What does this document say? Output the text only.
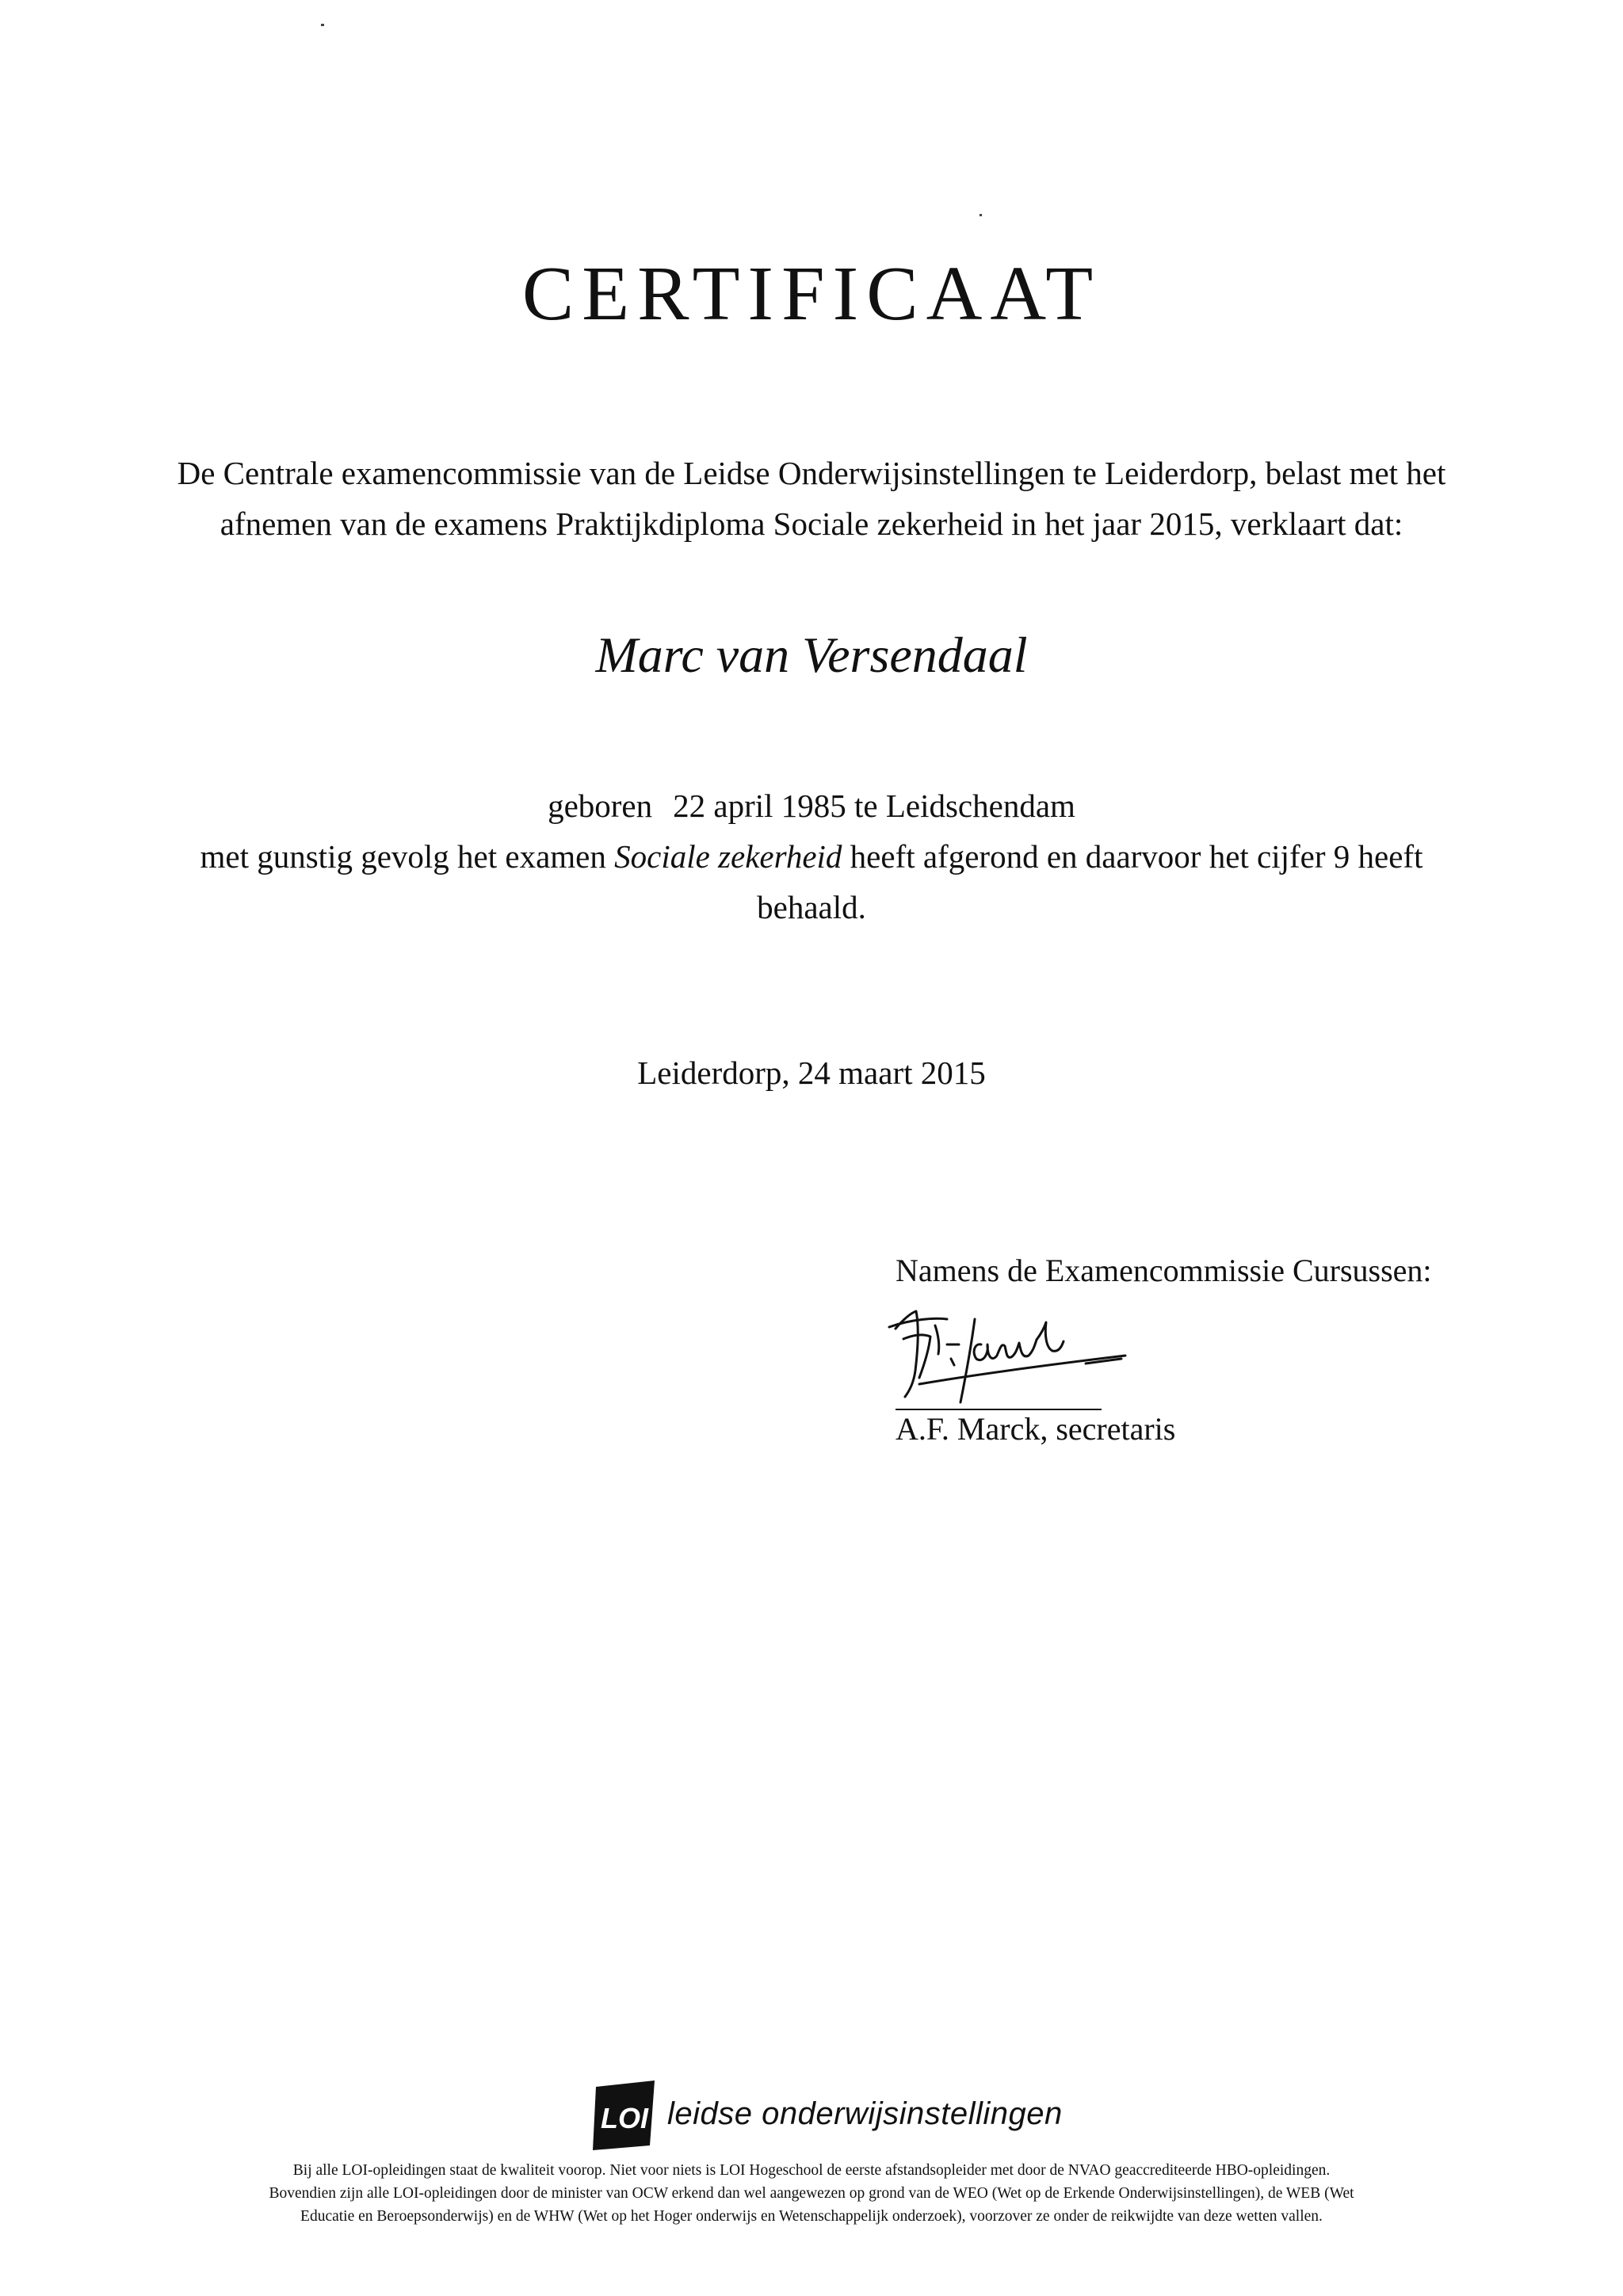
CERTIFICAAT

De Centrale examencommissie van de Leidse Onderwijsinstellingen te Leiderdorp, belast met het
afnemen van de examens Praktijkdiploma Sociale zekerheid in het jaar 2015, verklaart dat:

Marc van Versendaal

geboren 22 april 1985 te Leidschendam
met gunstig gevolg het examen Sociale zekerheid heeft afgerond en daarvoor het cijfer 9 heeft
behaald.

Leiderdorp, 24 maart 2015

Namens de Examencommissie Cursussen:

A.F. Marck, secretaris

LOI leidse onderwijsinstellingen

Bij alle LOI-opleidingen staat de kwaliteit voorop. Niet voor niets is LOI Hogeschool de eerste afstandsopleider met door de NVAO geaccrediteerde HBO-opleidingen.
Bovendien zijn alle LOI-opleidingen door de minister van OCW erkend dan wel aangewezen op grond van de WEO (Wet op de Erkende Onderwijsinstellingen), de WEB (Wet
Educatie en Beroepsonderwijs) en de WHW (Wet op het Hoger onderwijs en Wetenschappelijk onderzoek), voorzover ze onder de reikwijdte van deze wetten vallen.
